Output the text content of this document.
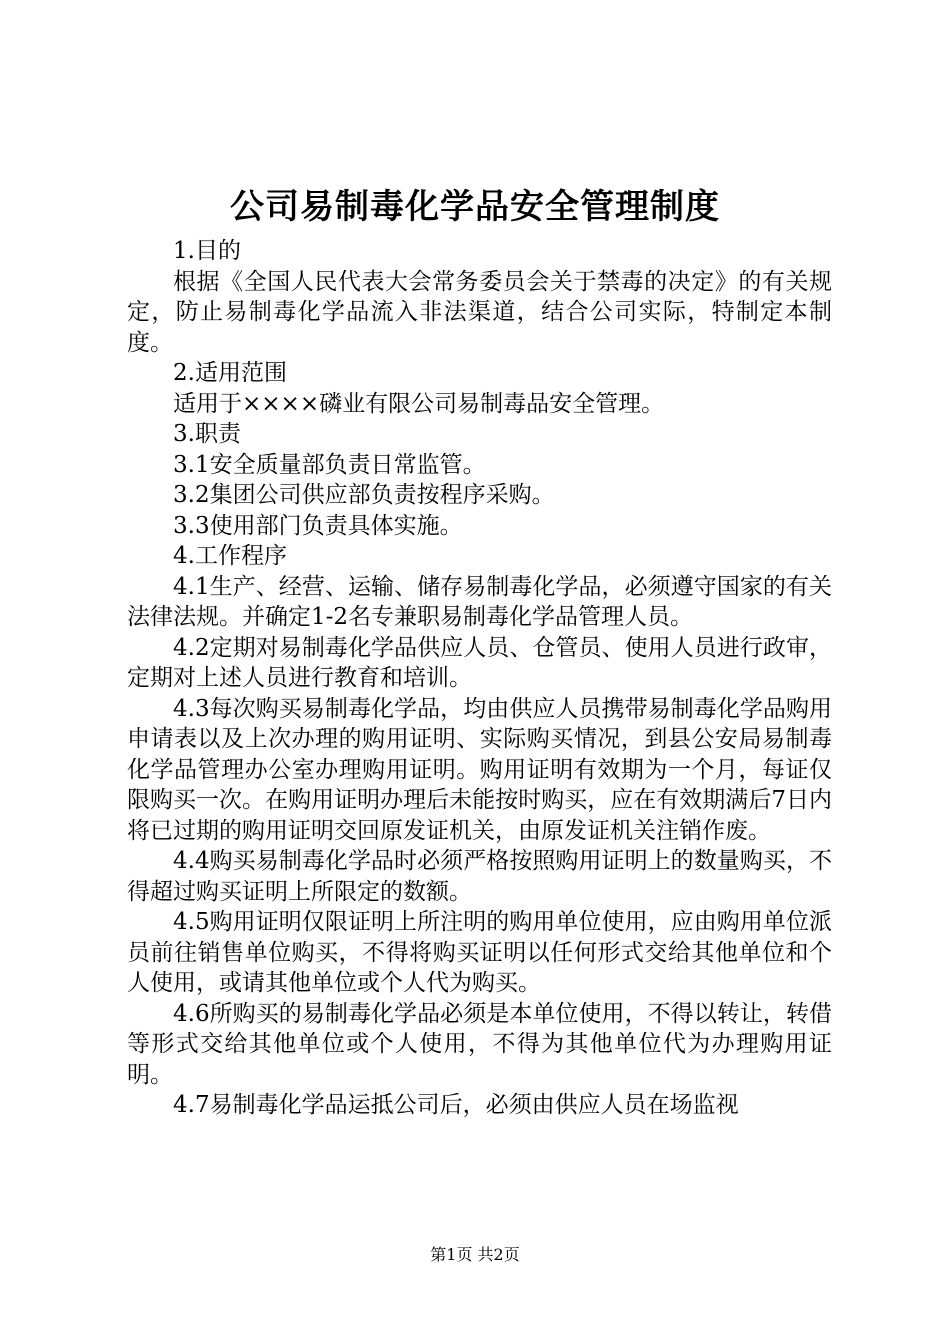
公司易制毒化学品安全管理制度

1.目的

根据《全国人民代表大会常务委员会关于禁毒的决定》的有关规定，防止易制毒化学品流入非法渠道，结合公司实际，特制定本制度。

2.适用范围

适用于××××磷业有限公司易制毒品安全管理。

3.职责

3.1安全质量部负责日常监管。

3.2集团公司供应部负责按程序采购。

3.3使用部门负责具体实施。

4.工作程序

4.1生产、经营、运输、储存易制毒化学品，必须遵守国家的有关法律法规。并确定1-2名专兼职易制毒化学品管理人员。

4.2定期对易制毒化学品供应人员、仓管员、使用人员进行政审，定期对上述人员进行教育和培训。

4.3每次购买易制毒化学品，均由供应人员携带易制毒化学品购用申请表以及上次办理的购用证明、实际购买情况，到县公安局易制毒化学品管理办公室办理购用证明。购用证明有效期为一个月，每证仅限购买一次。在购用证明办理后未能按时购买，应在有效期满后7日内将已过期的购用证明交回原发证机关，由原发证机关注销作废。

4.4购买易制毒化学品时必须严格按照购用证明上的数量购买，不得超过购买证明上所限定的数额。

4.5购用证明仅限证明上所注明的购用单位使用，应由购用单位派员前往销售单位购买，不得将购买证明以任何形式交给其他单位和个人使用，或请其他单位或个人代为购买。

4.6所购买的易制毒化学品必须是本单位使用，不得以转让，转借等形式交给其他单位或个人使用，不得为其他单位代为办理购用证明。

4.7易制毒化学品运抵公司后，必须由供应人员在场监视

第1页 共2页
